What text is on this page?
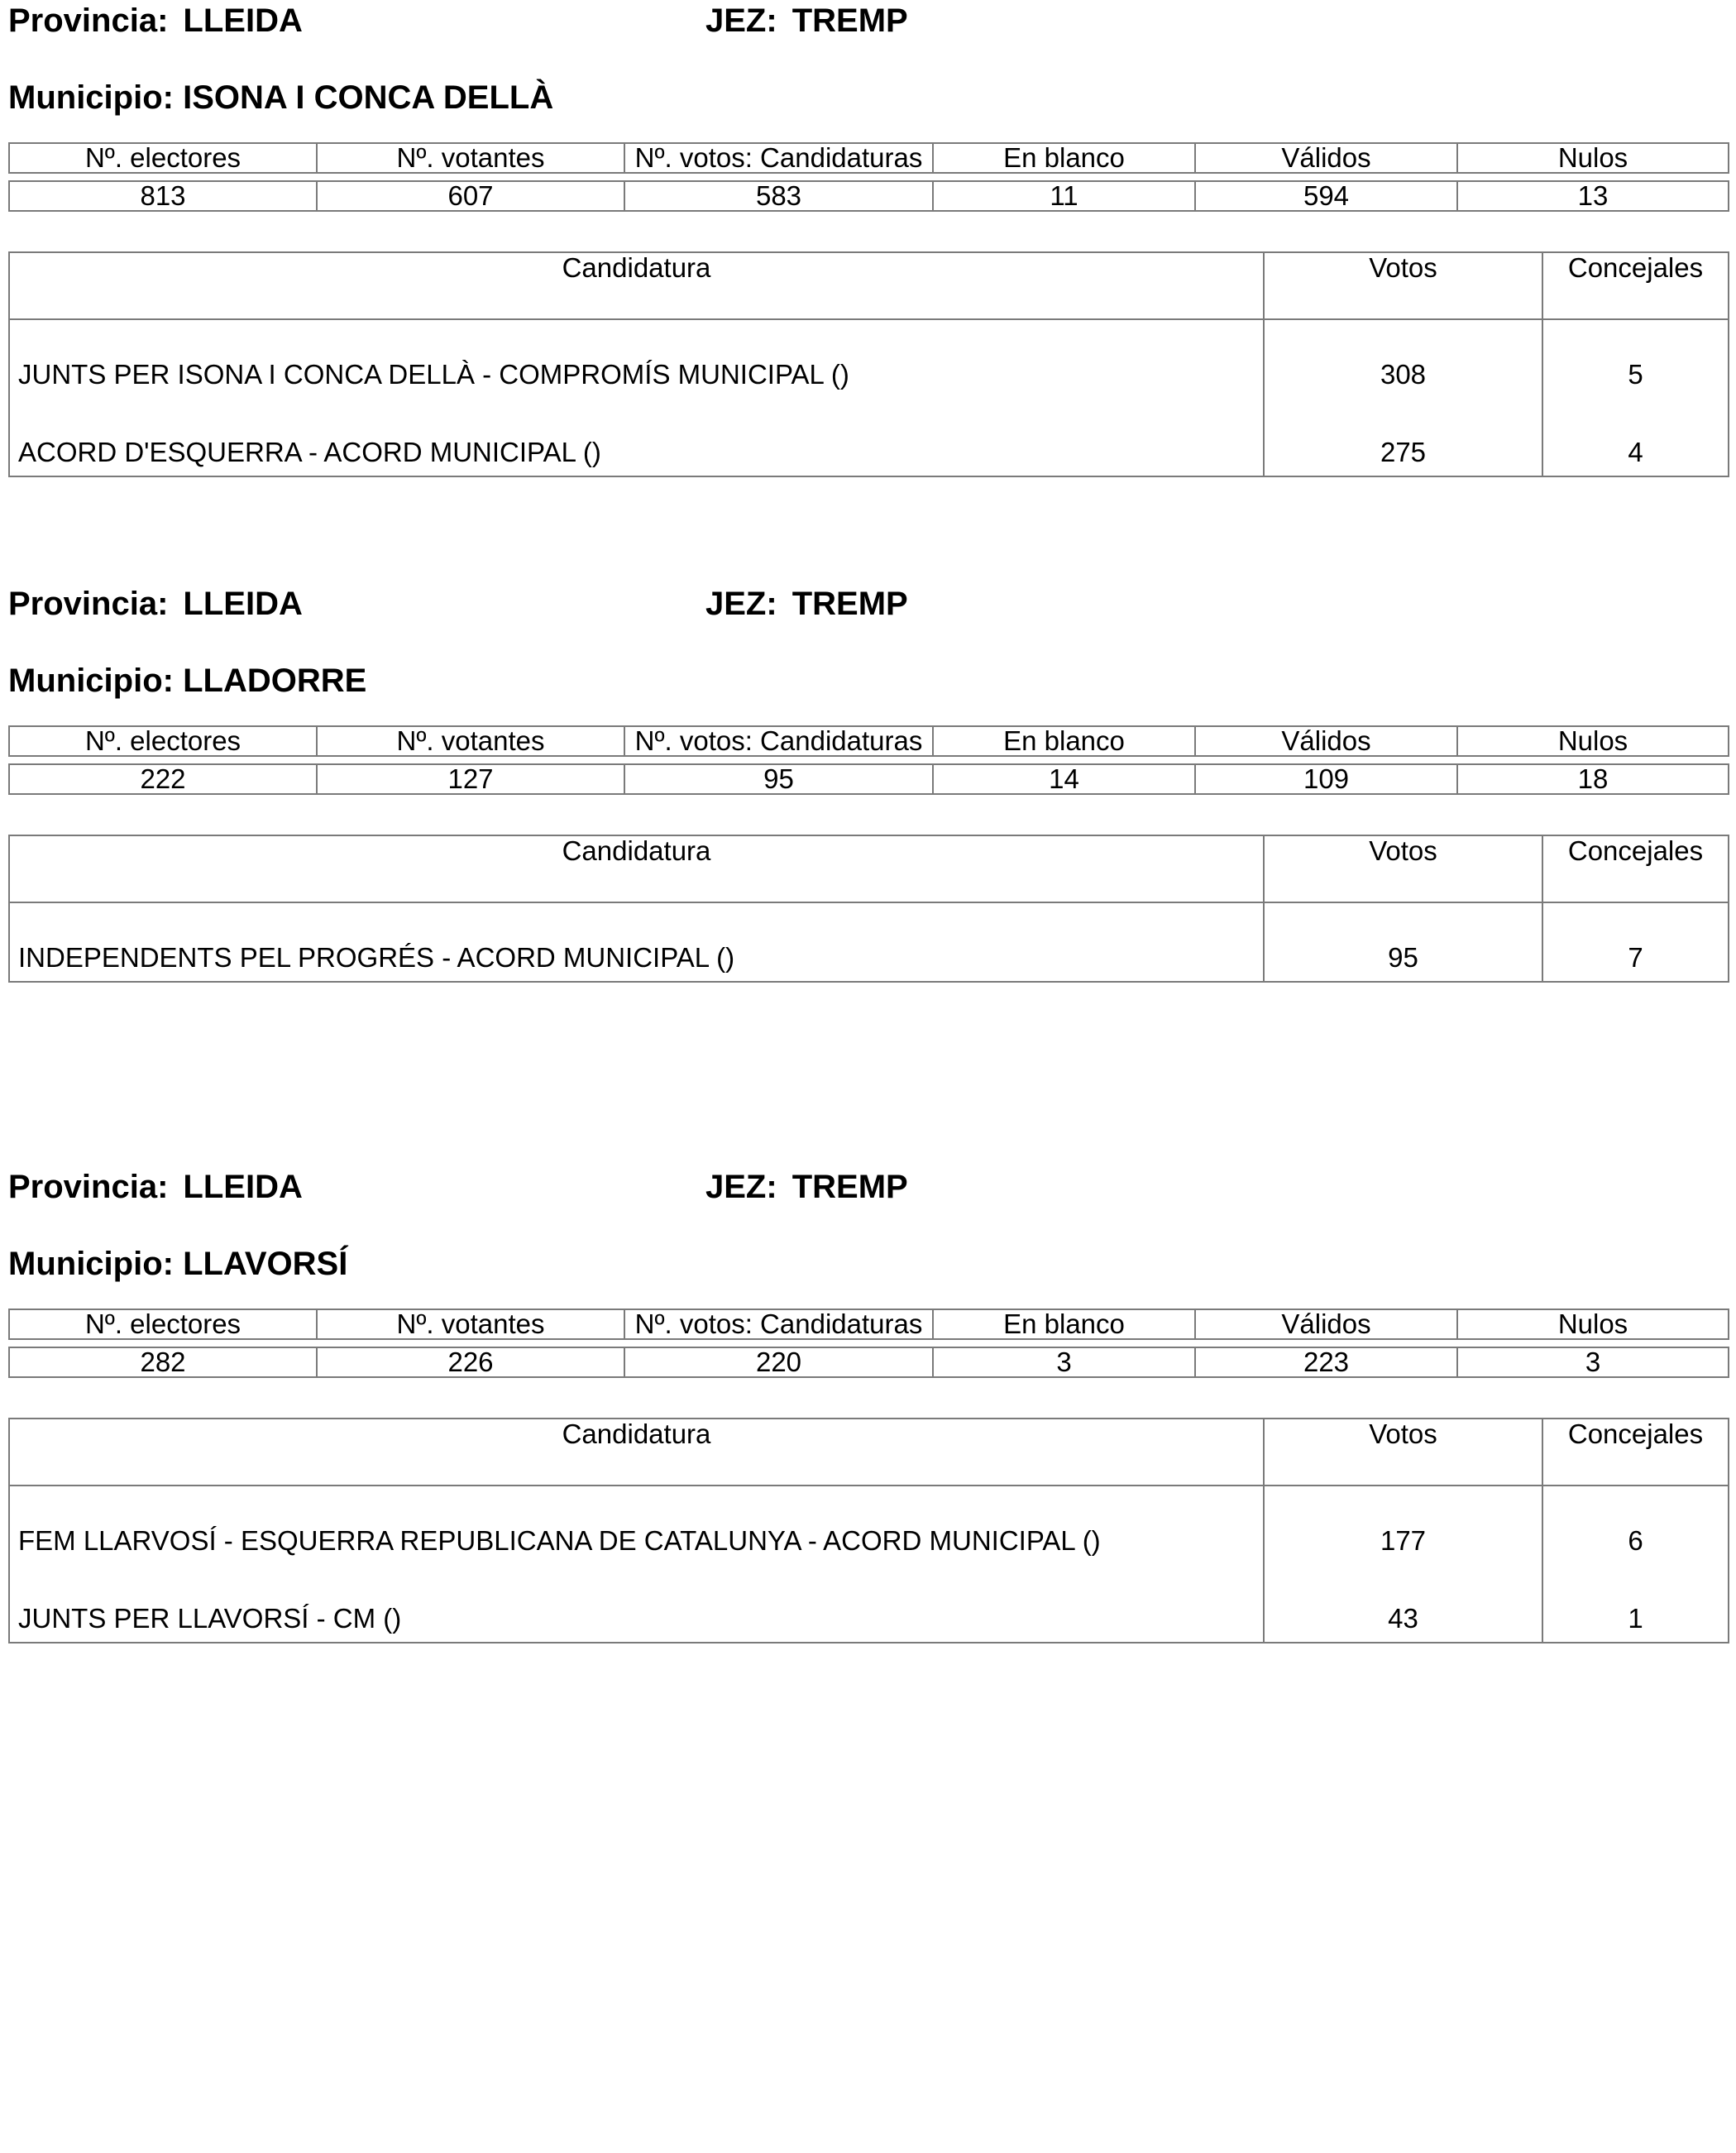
Provincia: LLEIDA	JEZ: TREMP
Municipio: ISONA I CONCA DELLÀ
Nº. electores	Nº. votantes	Nº. votos: Candidaturas	En blanco	Válidos	Nulos

813	607	583	11	594	13
Candidatura	Votos	Concejales
JUNTS PER ISONA I CONCA DELLÀ - COMPROMÍS MUNICIPAL ()	308	5
ACORD D'ESQUERRA - ACORD MUNICIPAL ()	275	4
Provincia: LLEIDA	JEZ: TREMP
Municipio: LLADORRE
Nº. electores	Nº. votantes	Nº. votos: Candidaturas	En blanco	Válidos	Nulos

222	127	95	14	109	18
Candidatura	Votos	Concejales
INDEPENDENTS PEL PROGRÉS - ACORD MUNICIPAL ()	95	7
Provincia: LLEIDA	JEZ: TREMP
Municipio: LLAVORSÍ
Nº. electores	Nº. votantes	Nº. votos: Candidaturas	En blanco	Válidos	Nulos

282	226	220	3	223	3
Candidatura	Votos	Concejales
FEM LLARVOSÍ - ESQUERRA REPUBLICANA DE CATALUNYA - ACORD MUNICIPAL ()	177	6
JUNTS PER LLAVORSÍ - CM ()	43	1
